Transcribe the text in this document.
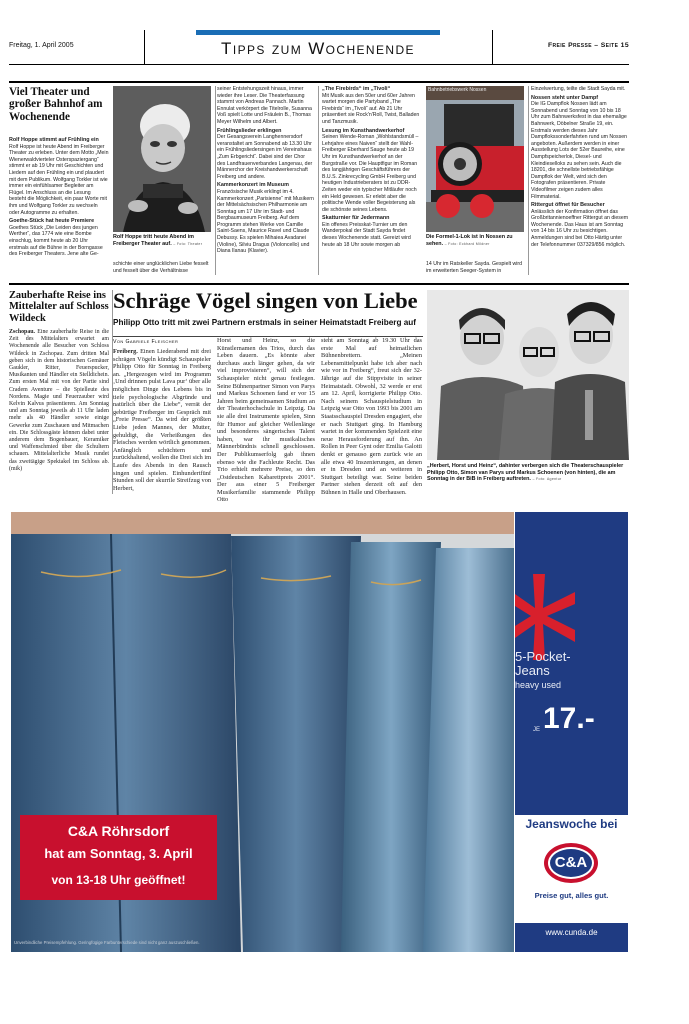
Freitag, 1. April 2005	Tipps zum Wochenende	Freie Presse – Seite 15
Viel Theater und großer Bahnhof am Wochenende
Rolf Hoppe stimmt auf Frühling ein
Rolf Hoppe ist heute Abend im Freiberger Theater zu erleben. Unter dem Motto „Mein Wienerwaldvierteler Osterspaziergang“ stimmt er ab 19 Uhr mit Geschichten und Liedern auf den Frühling ein und plaudert mit dem Publikum. Wolfgang Torkler ist wie immer ein einfühlsamer Begleiter am Flügel. Im Anschluss an die Lesung besteht die Möglichkeit, ein paar Worte mit ihm und Wolfgang Torkler zu wechseln oder Autogramme zu erhalten.
Goethe-Stück hat heute Premiere
Goethes Stück „Die Leiden des jungen Werther“, das 1774 wie eine Bombe einschlug, kommt heute ab 20 Uhr erstmals auf die Bühne in der Borngasse des Freiberger Theaters. Jene alte Ge-
Rolf Hoppe tritt heute Abend im Freiberger Theater auf. – Foto: Theater
schichte einer unglücklichen Liebe fesselt und fesselt über die Verhältnisse
seiner Entstehungszeit hinaus, immer wieder ihre Leser. Die Theaterfassung stammt von Andreas Pannach. Martin Ennulat verkörpert die Titelrolle, Susanna Voß spielt Lotte und Fräulein B., Thomas Meyer Wilhelm und Albert.
Frühlingslieder erklingen
Der Gesangsverein Langhennersdorf veranstaltet am Sonnabend ab 13.30 Uhr ein Frühlingsliedersingen im Vereinshaus „Zum Erbgericht“. Dabei sind der Chor des Landfrauenverbandes Langenau, der Männerchor der Kreishandwerkerschaft Freiberg und andere.
Kammerkonzert im Museum
Französische Musik erklingt im 4. Kammerkonzert „Parisienne“ mit Musikern der Mittelsächsischen Philharmonie am Sonntag um 17 Uhr im Stadt- und Bergbaumuseum Freiberg. Auf dem Programm stehen Werke von Camille Saint-Saens, Maurice Ravel und Claude Debussy. Es spielen Mihaiea Avadanei (Violine), Silviu Dragus (Violoncello) und Diana Ilanau (Klavier).
„The Firebirds“ im „Tivoli“
Mit Musik aus den 50er und 60er Jahren wartet morgen die Partyband „The Firebirds“ im „Tivoli“ auf. Ab 21 Uhr präsentiert sie Rock'n'Roll, Twist, Balladen und Tanzmusik.
Lesung im Kunsthandwerkerhof
Seinen Wende-Roman „Wohlstandsmüll – Lehrjahre eines Naiven“ stellt der Wahl-Freiberger Eberhard Sauge heute ab 19 Uhr im Kunsthandwerkerhof an der Burgstraße vor. Die Hauptfigur im Roman des langjährigen Geschäftsführers der B.U.S. Zinkrecycling GmbH Freiberg und heutigen Industrieberaters ist zu DDR-Zeiten weder ein typischer Mitläufer noch ein Held gewesen. Er erlebt aber die politische Wende voller Begeisterung als die schönste seines Lebens.
Skatturnier für Jedermann
Ein offenes Preisskat-Turnier um den Wanderpokal der Stadt Sayda findet dieses Wochenende statt. Gereizt wird heute ab 18 Uhr sowie morgen ab
Bahnbetriebswerk Nossen
Die Formel-1-Lok ist in Nossen zu sehen. – Foto: Eckhard Mildner
14 Uhr im Ratskeller Sayda. Gespielt wird im erweiterten Seeger-System in
Einzelwertung, teilte die Stadt Sayda mit.
Nossen steht unter Dampf
Die IG Dampflok Nossen lädt am Sonnabend und Sonntag von 10 bis 18 Uhr zum Bahnwerksfest in das ehemalige Bahnwerk, Döbelner Straße 19, ein. Erstmals werden dieses Jahr Dampflokssonderfahrten rund um Nossen angeboten. Außerdem werden in einer Ausstellung Lots der 52er Baureihe, eine Dampfspeicherlok, Diesel- und Kleindieselloks zu sehen sein. Auch die 18201, die schnellste betriebsfähige Dampflok der Welt, wird sich den Fotografen präsentieren. Private Videofilmer zeigen zudem alles Filmmaterial.
Rittergut öffnet für Besucher
Anlässlich der Konfirmation öffnet das Großbritannienoeffner Rittergut an diesem Wochenende. Das Haus ist am Sonntag von 14 bis 16 Uhr zu besichtigen. Anmeldungen sind bei Otto Härtig unter der Telefonnummer 037329/856 möglich.
Zauberhafte Reise ins Mittelalter auf Schloss Wildeck
Zschopau. Eine zauberhafte Reise in die Zeit des Mittelalters erwartet am Wochenende alle Besucher von Schloss Wildeck in Zschopau. Zum dritten Mal geben sich in dem historischen Gemäuer Gaukler, Ritter, Feuerspucker, Musikanten und Händler ein Stelldichein. Zum ersten Mal mit von der Partie sind Cradem Aventure – die Spielleute des Nordens. Magie und Feuerzauber wird Kelvin Kalvus präsentieren. Am Sonntag und am Sonntag jeweils ab 11 Uhr laden mehr als 40 Händler sowie einige Gewerke zum Zuschauen und Mitmachen ein. Die Schlossgäste können dabei unter anderem dem Bogenbauer, Keramiker und Waffenschmied über die Schultern schauen. Mittelalterliche Musik rundet das zweitägige Spektakel im Schloss ab. (mik)
Schräge Vögel singen von Liebe
Philipp Otto tritt mit zwei Partnern erstmals in seiner Heimatstadt Freiberg auf
Von Gabriele Fleischer
Freiberg. Einen Liederabend mit drei schrägen Vögeln kündigt Schauspieler Philipp Otto für Sonntag in Freiberg an. „Hergezogen wird im Programm ‚Und drinnen pulst Lava pur‘ über alle möglichen Dinge des Lebens bis in tiefe psychologische Abgründe und natürlich über die Liebe“, verrät der gebürtige Freiberger im Gespräch mit „Freie Presse“. Da wird der größten Liebe jeden Mannes, der Mutter, gehuldigt, die Verheißungen des Fleisches werden wörtlich genommen. Anfänglich schüchtern und zurückhaltend, wollen die Drei sich im Laufe des Abends in den Rausch singen und spielen. Einhundertfünf Stunden soll der skurrile Streifzug von Herbert,
Horst und Heinz, so die Künstlernamen des Trios, durch das Leben dauern. „Es könnte aber durchaus auch länger gehen, da wir viel improvisieren“, will sich der Schauspieler nicht genau festlegen. Seine Bühnenpartner Simon von Parys und Markus Schoenen fand er vor 15 Jahren beim gemeinsamen Studium an der Theaterhochschule in Leipzig. Da sie alle drei Instrumente spielen, Sinn für Humor auf gleicher Wellenlänge und besonderes sängerisches Talent haben, war ihr musikalisches Männerbündnis schnell geschlossen. Der Publikumserfolg gab ihnen ebenso wie die Fachleute Recht. Das Trio erhielt mehrere Preise, so den „Ostdeutschen Kabarettpreis 2001“. Der aus einer 5 Freiberger Musikerfamilie stammende Philipp Otto
steht am Sonntag ab 19.30 Uhr das erste Mal auf heimatlichen Bühnenbrettern. „Meinen Lebensmittelpunkt habe ich aber nach wie vor in Freiberg“, freut sich der 32-Jährige auf die Stippvisite in seiner Heimatstadt. Obwohl, 32 werde er erst am 12. April, korrigierte Philipp Otto. Nach seinem Schauspielstudium in Leipzig war Otto von 1993 bis 2001 am Staatsschauspiel Dresden engagiert, ehe er nach Stuttgart ging. In Hamburg wartet in der kommenden Spielzeit eine neue Herausforderung auf ihn. An Rollen in Peer Gynt oder Emilia Galotti denkt er genauso gern zurück wie an alle etwa 40 Inszenierungen, an denen er in Dresden und an weiteren in Stuttgart beteiligt war. Seine beiden Partner stehen derzeit oft auf den Bühnen in Halle und Oberhausen.
„Herbert, Horst und Heinz“, dahinter verbergen sich die Theaterschauspieler Philipp Otto, Simon van Parys und Markus Schoenen (von hinten), die am Sonntag in der BiB in Freiberg auftreten. – Foto: Agentur
C&A Röhrsdorf
hat am Sonntag, 3. April
von 13-18 Uhr geöffnet!
Unverbindliche Preisempfehlung. Geringfügige Farbunterschiede sind nicht ganz auszuschließen.
5-Pocket-
Jeans
heavy used
JE 17.-
Jeanswoche bei
C&A
Preise gut, alles gut.
www.cunda.de
